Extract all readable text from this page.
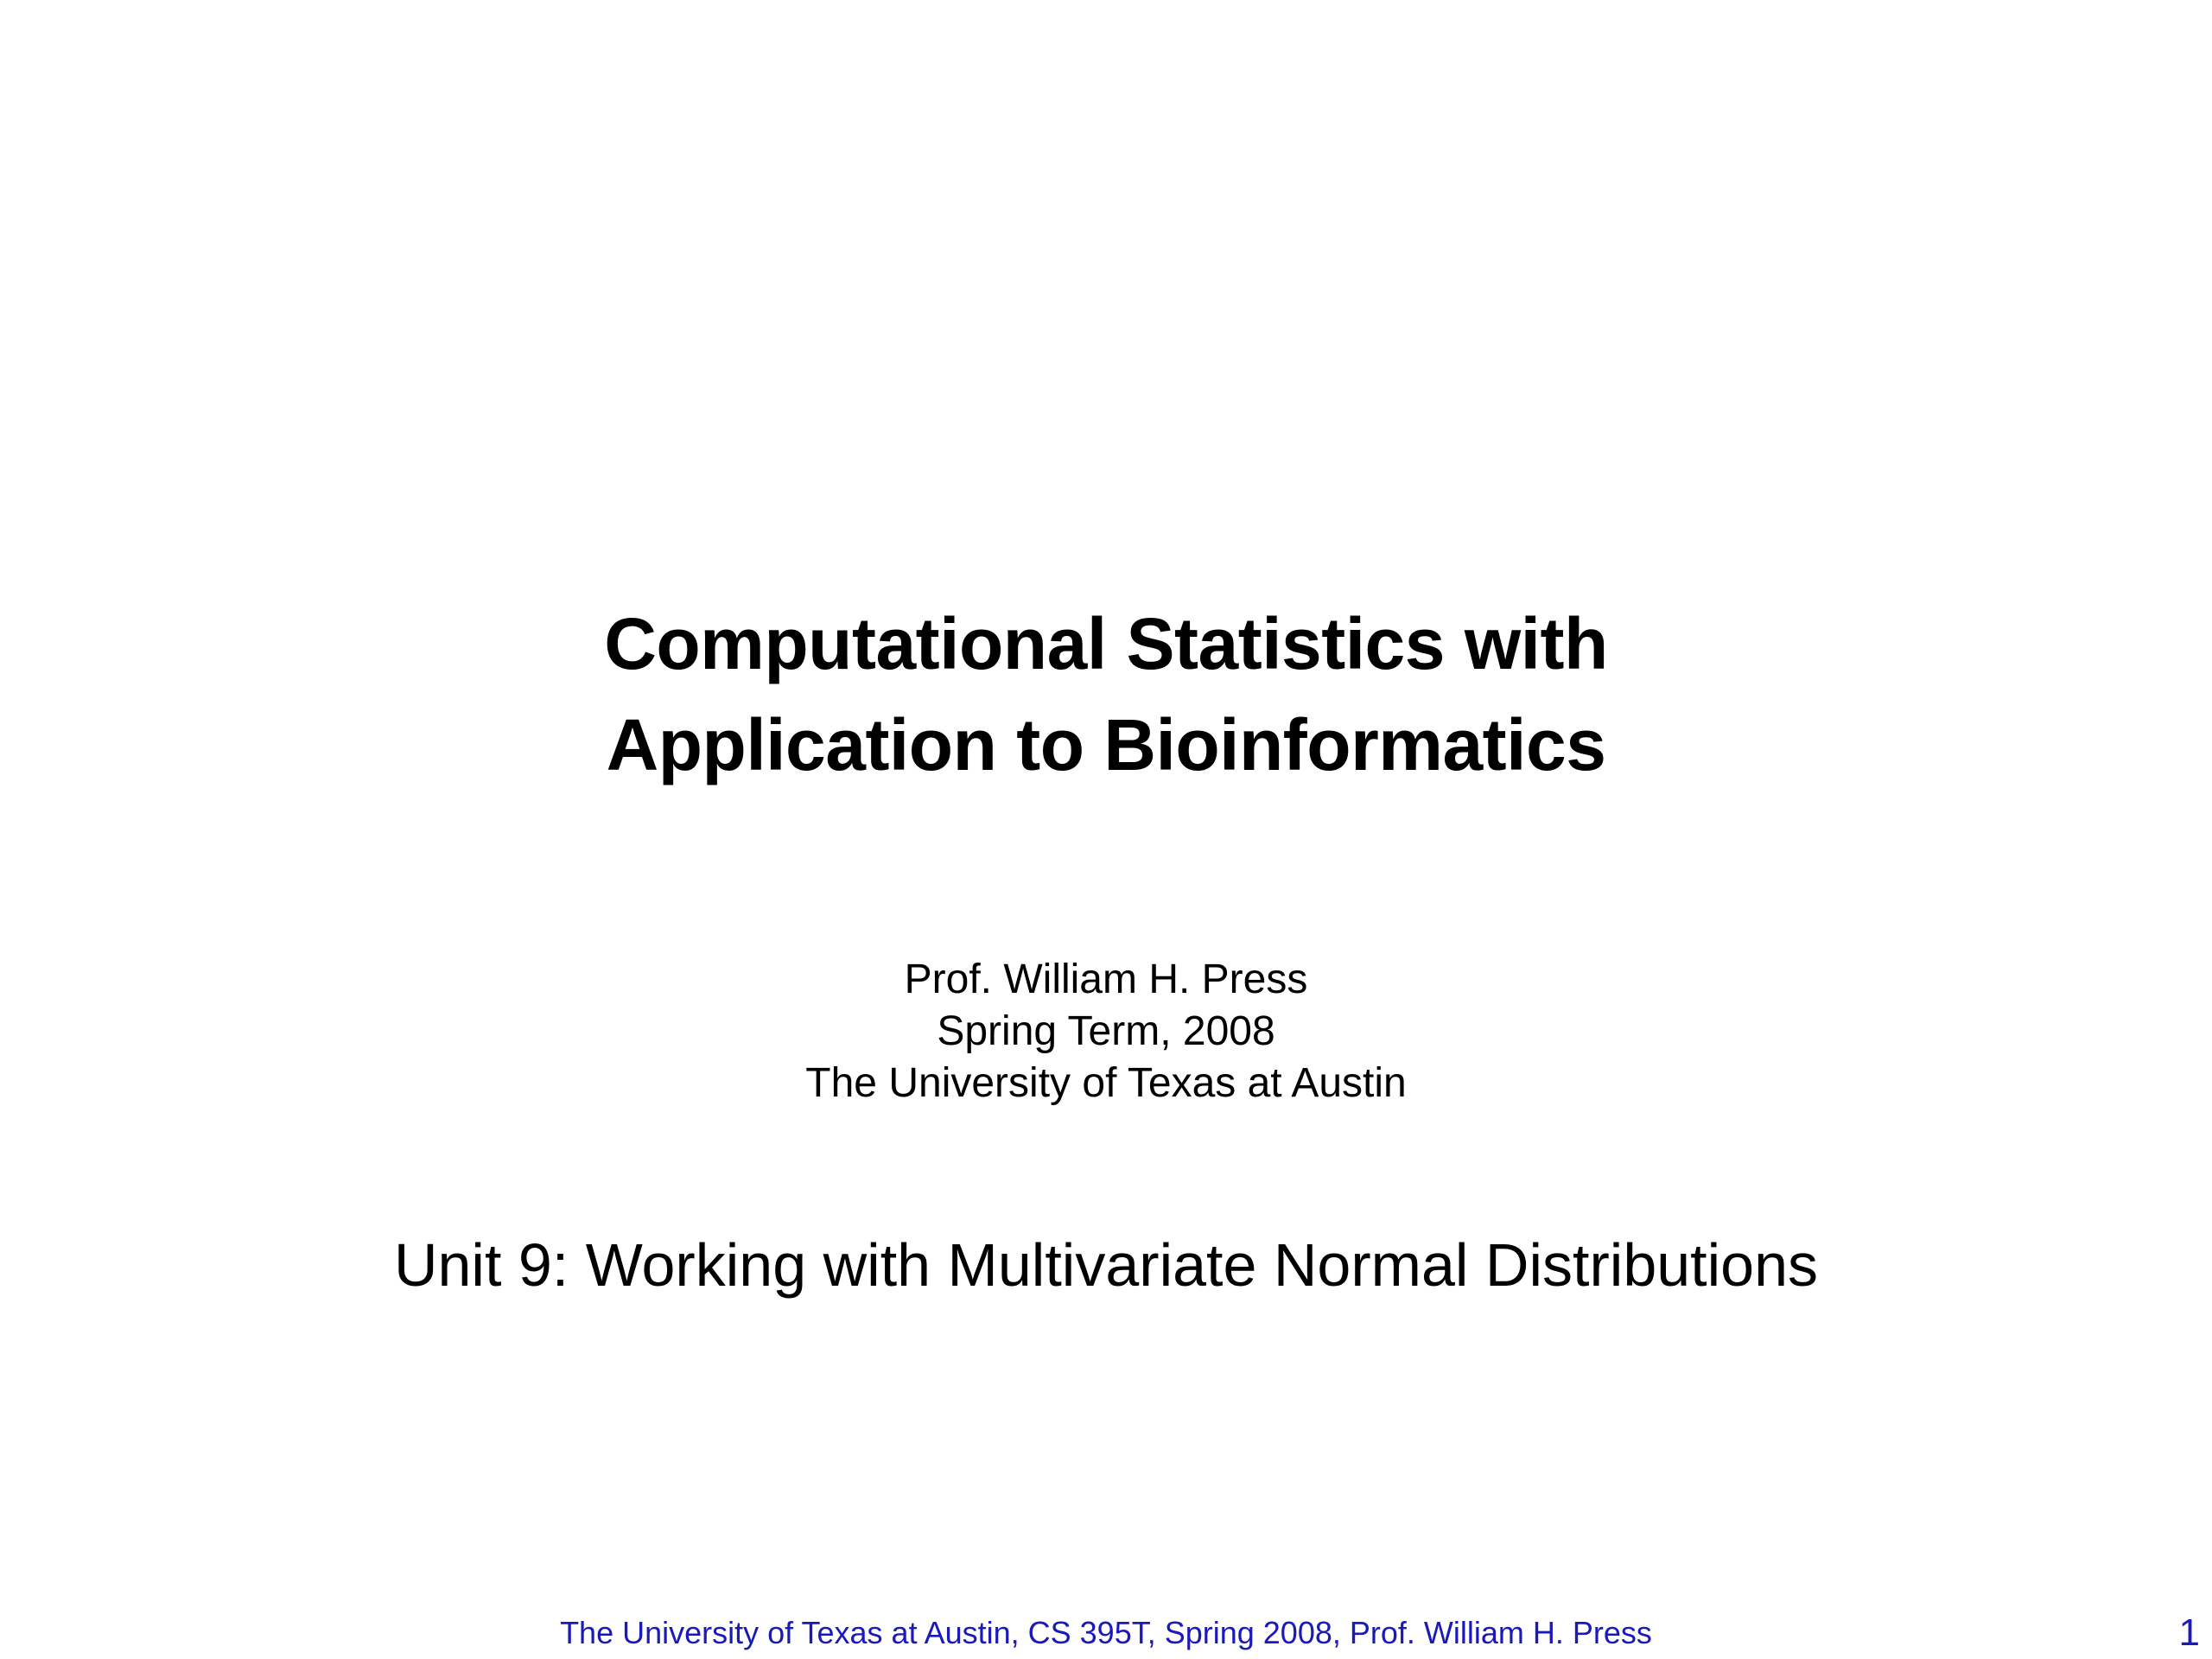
Computational Statistics with
Application to Bioinformatics
Prof. William H. Press
Spring Term, 2008
The University of Texas at Austin
Unit 9: Working with Multivariate Normal Distributions
The University of Texas at Austin, CS 395T, Spring 2008, Prof. William H. Press	1
